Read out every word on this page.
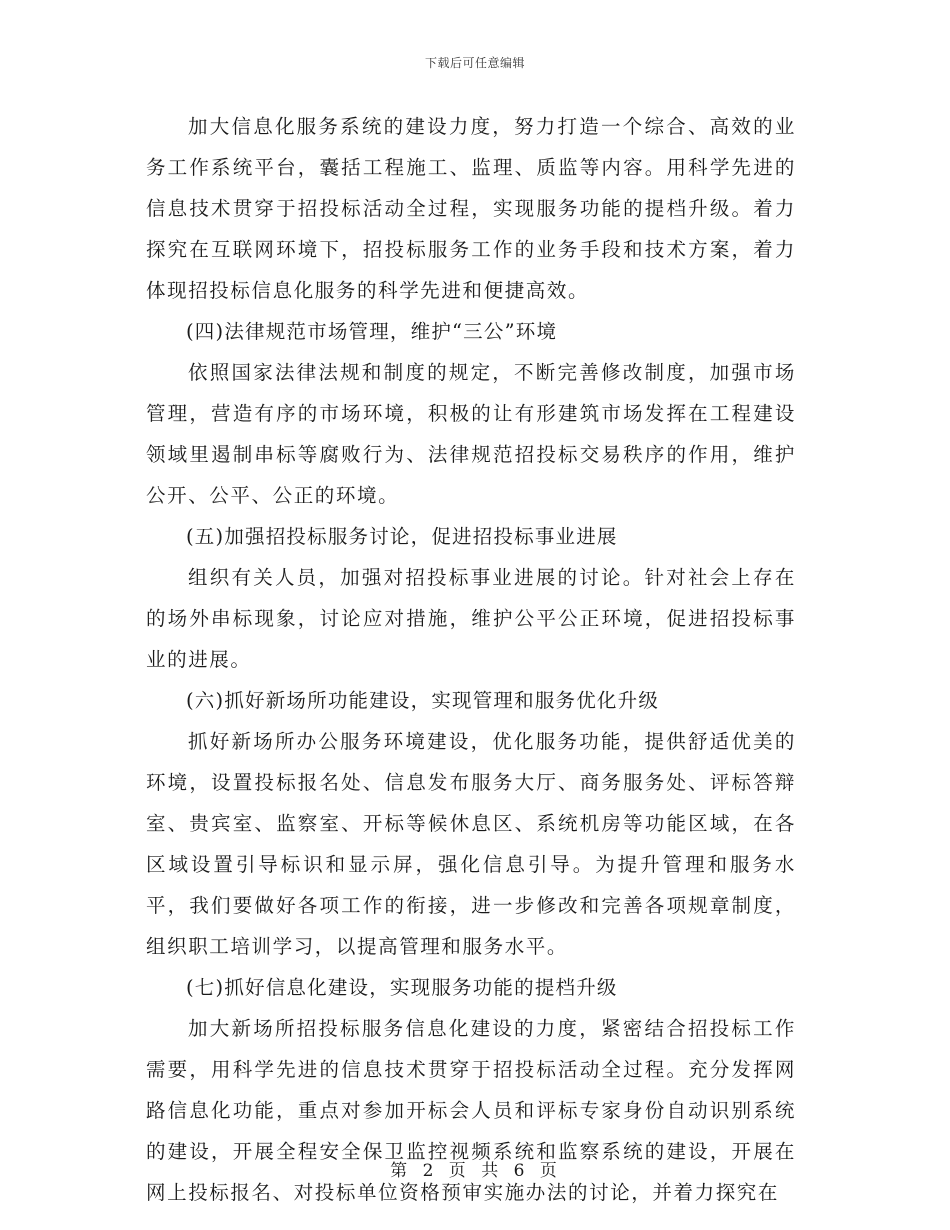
下载后可任意编辑

加大信息化服务系统的建设力度，努力打造一个综合、高效的业务工作系统平台，囊括工程施工、监理、质监等内容。用科学先进的信息技术贯穿于招投标活动全过程，实现服务功能的提档升级。着力探究在互联网环境下，招投标服务工作的业务手段和技术方案，着力体现招投标信息化服务的科学先进和便捷高效。

(四)法律规范市场管理，维护“三公”环境

依照国家法律法规和制度的规定，不断完善修改制度，加强市场管理，营造有序的市场环境，积极的让有形建筑市场发挥在工程建设领域里遏制串标等腐败行为、法律规范招投标交易秩序的作用，维护公开、公平、公正的环境。

(五)加强招投标服务讨论，促进招投标事业进展

组织有关人员，加强对招投标事业进展的讨论。针对社会上存在的场外串标现象，讨论应对措施，维护公平公正环境，促进招投标事业的进展。

(六)抓好新场所功能建设，实现管理和服务优化升级

抓好新场所办公服务环境建设，优化服务功能，提供舒适优美的环境，设置投标报名处、信息发布服务大厅、商务服务处、评标答辩室、贵宾室、监察室、开标等候休息区、系统机房等功能区域，在各区域设置引导标识和显示屏，强化信息引导。为提升管理和服务水平，我们要做好各项工作的衔接，进一步修改和完善各项规章制度，组织职工培训学习，以提高管理和服务水平。

(七)抓好信息化建设，实现服务功能的提档升级

加大新场所招投标服务信息化建设的力度，紧密结合招投标工作需要，用科学先进的信息技术贯穿于招投标活动全过程。充分发挥网路信息化功能，重点对参加开标会人员和评标专家身份自动识别系统的建设，开展全程安全保卫监控视频系统和监察系统的建设，开展在网上投标报名、对投标单位资格预审实施办法的讨论，并着力探究在

第 2 页 共 6 页
